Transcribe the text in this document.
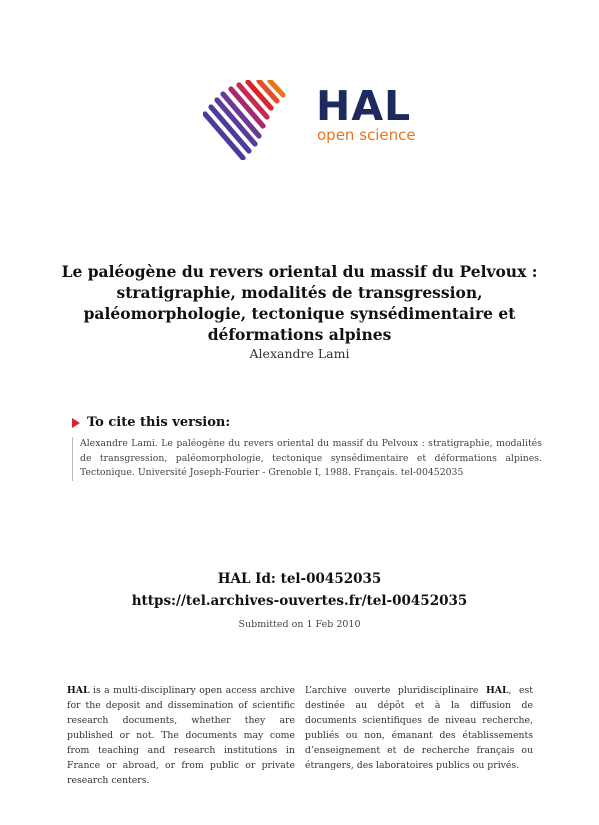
HAL
open science
Le paléogène du revers oriental du massif du Pelvoux : stratigraphie, modalités de transgression, paléomorphologie, tectonique synsédimentaire et déformations alpines
Alexandre Lami
To cite this version:
Alexandre Lami. Le paléogène du revers oriental du massif du Pelvoux : stratigraphie, modalités de transgression, paléomorphologie, tectonique synsédimentaire et déformations alpines. Tectonique. Université Joseph-Fourier - Grenoble I, 1988. Français. tel-00452035
HAL Id: tel-00452035
https://tel.archives-ouvertes.fr/tel-00452035
Submitted on 1 Feb 2010
HAL is a multi-disciplinary open access archive for the deposit and dissemination of scientific research documents, whether they are published or not. The documents may come from teaching and research institutions in France or abroad, or from public or private research centers.
L’archive ouverte pluridisciplinaire HAL, est destinée au dépôt et à la diffusion de documents scientifiques de niveau recherche, publiés ou non, émanant des établissements d’enseignement et de recherche français ou étrangers, des laboratoires publics ou privés.
